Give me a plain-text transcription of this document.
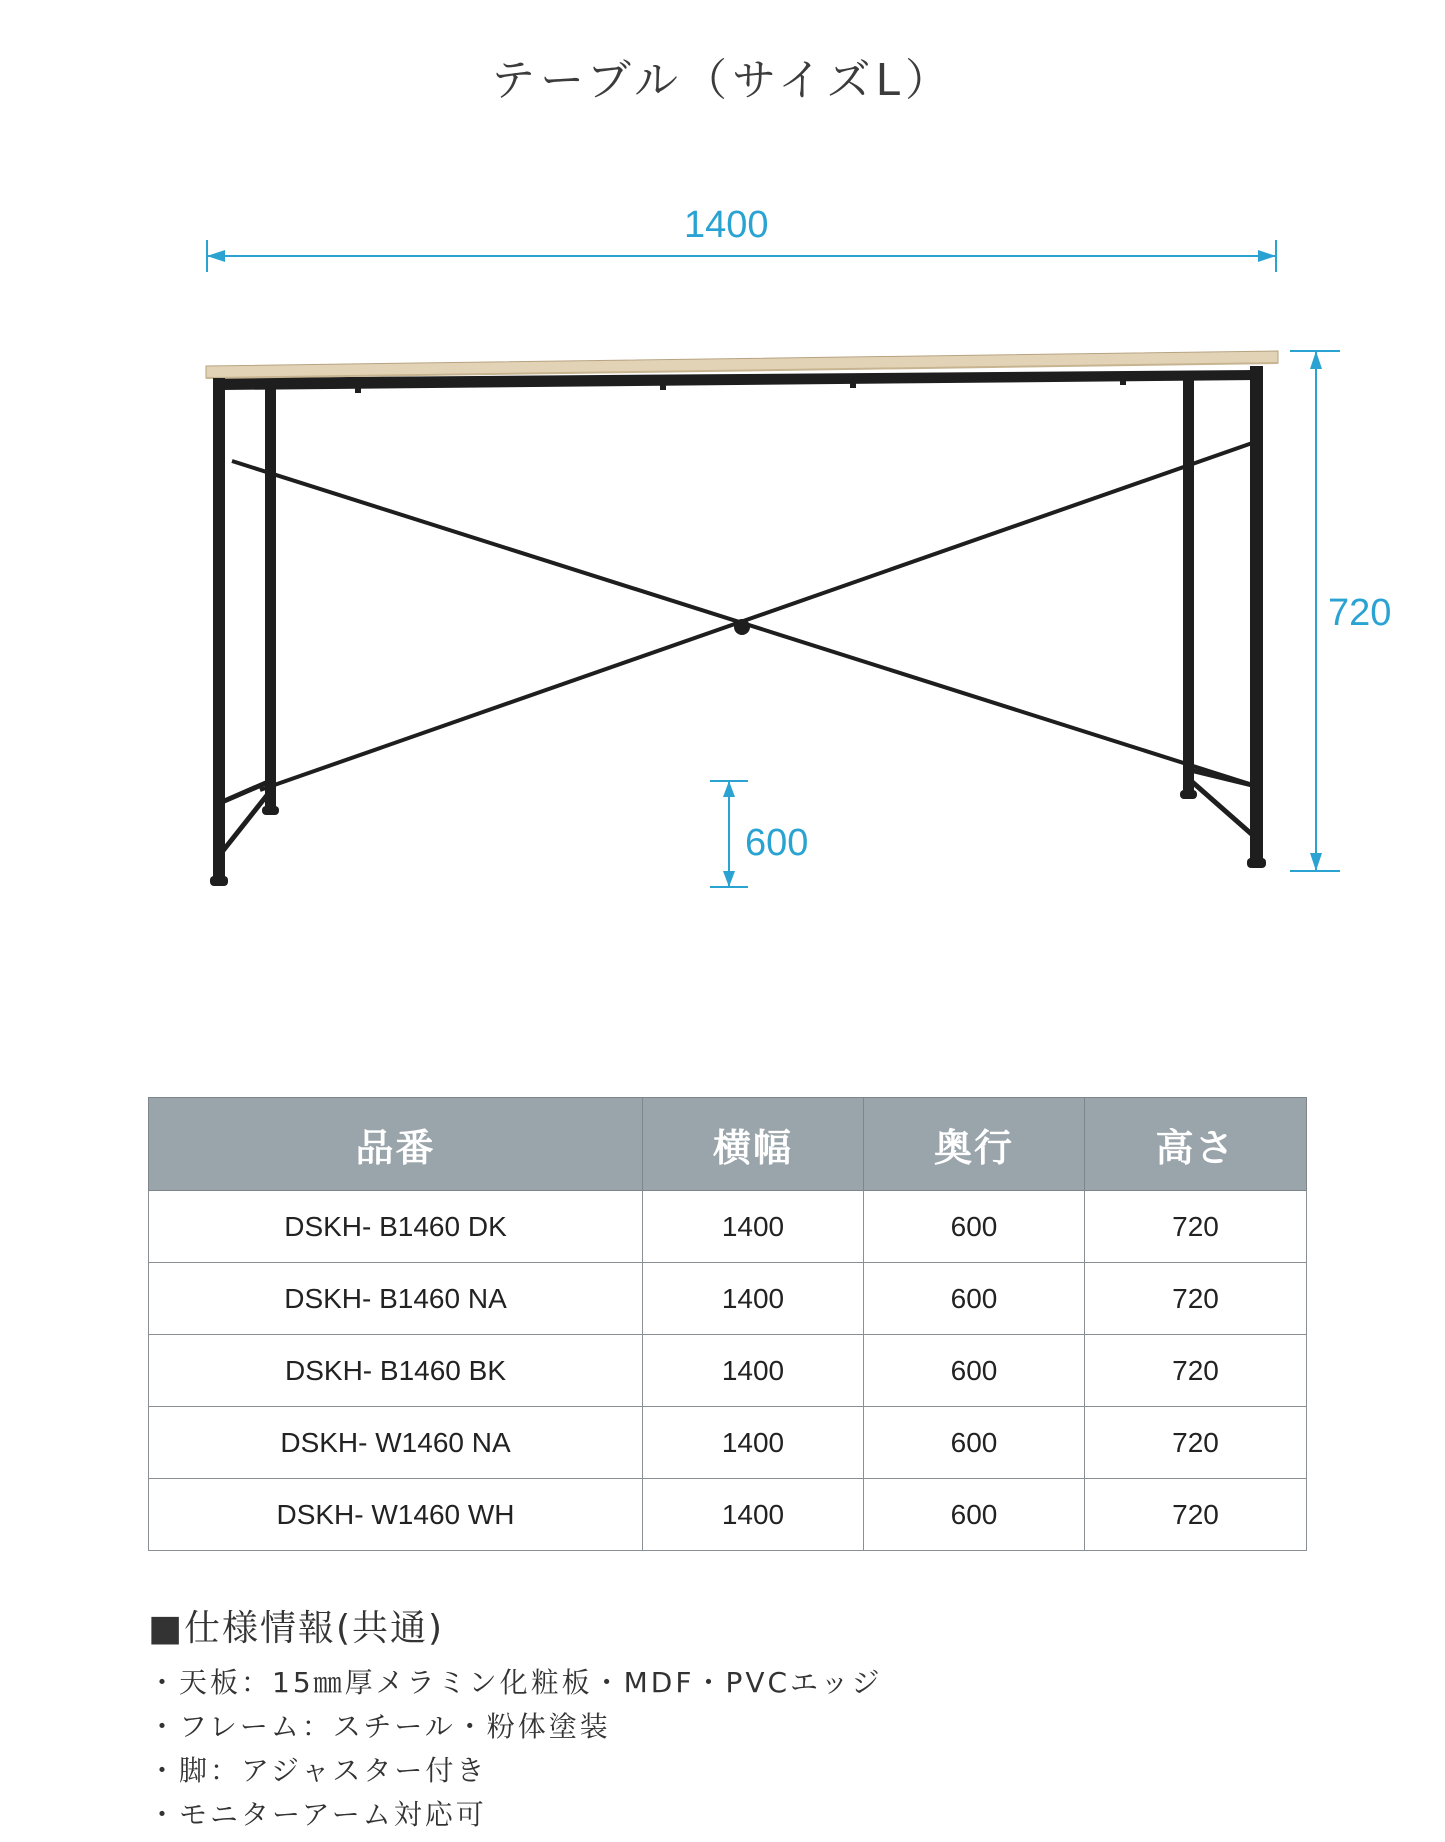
テーブル（サイズL）
1400
720
600
品番	横幅	奥行	高さ
DSKH- B1460 DK	1400	600	720
DSKH- B1460 NA	1400	600	720
DSKH- B1460 BK	1400	600	720
DSKH- W1460 NA	1400	600	720
DSKH- W1460 WH	1400	600	720
■仕様情報(共通)
・天板：15㎜厚メラミン化粧板・MDF・PVCエッジ
・フレーム：スチール・粉体塗装
・脚：アジャスター付き
・モニターアーム対応可
